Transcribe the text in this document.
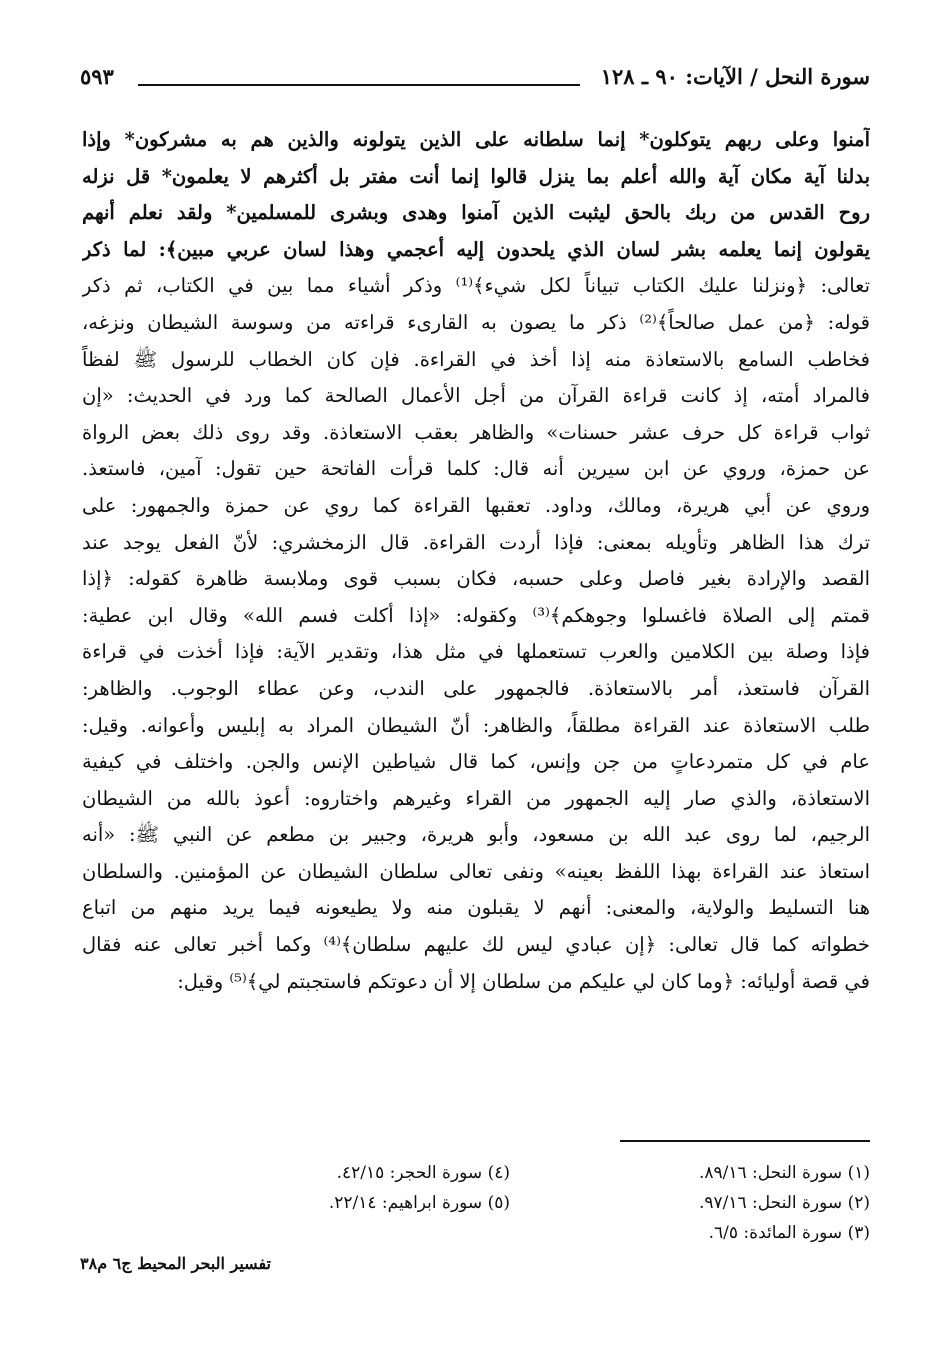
سورة النحل / الآيات: ٩٠ ـ ١٢٨
٥٩٣
آمنوا وعلى ربهم يتوكلون* إنما سلطانه على الذين يتولونه والذين هم به مشركون* وإذا
بدلنا آية مكان آية والله أعلم بما ينزل قالوا إنما أنت مفتر بل أكثرهم لا يعلمون* قل نزله
روح القدس من ربك بالحق ليثبت الذين آمنوا وهدى وبشرى للمسلمين* ولقد نعلم أنهم
يقولون إنما يعلمه بشر لسان الذي يلحدون إليه أعجمي وهذا لسان عربي مبين﴾: لما ذكر
تعالى: ﴿ونزلنا عليك الكتاب تبياناً لكل شيء﴾⁽¹⁾ وذكر أشياء مما بين في الكتاب، ثم ذكر
قوله: ﴿من عمل صالحاً﴾⁽²⁾ ذكر ما يصون به القارىء قراءته من وسوسة الشيطان ونزغه،
فخاطب السامع بالاستعاذة منه إذا أخذ في القراءة. فإن كان الخطاب للرسول ﷺ لفظاً
فالمراد أمته، إذ كانت قراءة القرآن من أجل الأعمال الصالحة كما ورد في الحديث: «إن
ثواب قراءة كل حرف عشر حسنات» والظاهر بعقب الاستعاذة. وقد روى ذلك بعض الرواة
عن حمزة، وروي عن ابن سيرين أنه قال: كلما قرأت الفاتحة حين تقول: آمين، فاستعذ.
وروي عن أبي هريرة، ومالك، وداود. تعقبها القراءة كما روي عن حمزة والجمهور: على
ترك هذا الظاهر وتأويله بمعنى: فإذا أردت القراءة. قال الزمخشري: لأنّ الفعل يوجد عند
القصد والإرادة بغير فاصل وعلى حسبه، فكان بسبب قوى وملابسة ظاهرة كقوله: ﴿إذا
قمتم إلى الصلاة فاغسلوا وجوهكم﴾⁽³⁾ وكقوله: «إذا أكلت فسم الله» وقال ابن عطية:
فإذا وصلة بين الكلامين والعرب تستعملها في مثل هذا، وتقدير الآية: فإذا أخذت في قراءة
القرآن فاستعذ، أمر بالاستعاذة. فالجمهور على الندب، وعن عطاء الوجوب. والظاهر:
طلب الاستعاذة عند القراءة مطلقاً، والظاهر: أنّ الشيطان المراد به إبليس وأعوانه. وقيل:
عام في كل متمردعاتٍ من جن وإنس، كما قال شياطين الإنس والجن. واختلف في كيفية
الاستعاذة، والذي صار إليه الجمهور من القراء وغيرهم واختاروه: أعوذ بالله من الشيطان
الرجيم، لما روى عبد الله بن مسعود، وأبو هريرة، وجبير بن مطعم عن النبي ﷺ: «أنه
استعاذ عند القراءة بهذا اللفظ بعينه» ونفى تعالى سلطان الشيطان عن المؤمنين. والسلطان
هنا التسليط والولاية، والمعنى: أنهم لا يقبلون منه ولا يطيعونه فيما يريد منهم من اتباع
خطواته كما قال تعالى: ﴿إن عبادي ليس لك عليهم سلطان﴾⁽⁴⁾ وكما أخبر تعالى عنه فقال
في قصة أوليائه: ﴿وما كان لي عليكم من سلطان إلا أن دعوتكم فاستجبتم لي﴾⁽⁵⁾ وقيل:
(١) سورة النحل: ٨٩/١٦.
(٢) سورة النحل: ٩٧/١٦.
(٣) سورة المائدة: ٦/٥.
(٤) سورة الحجر: ٤٢/١٥.
(٥) سورة ابراهيم: ٢٢/١٤.
تفسير البحر المحيط ج٦ م٣٨
